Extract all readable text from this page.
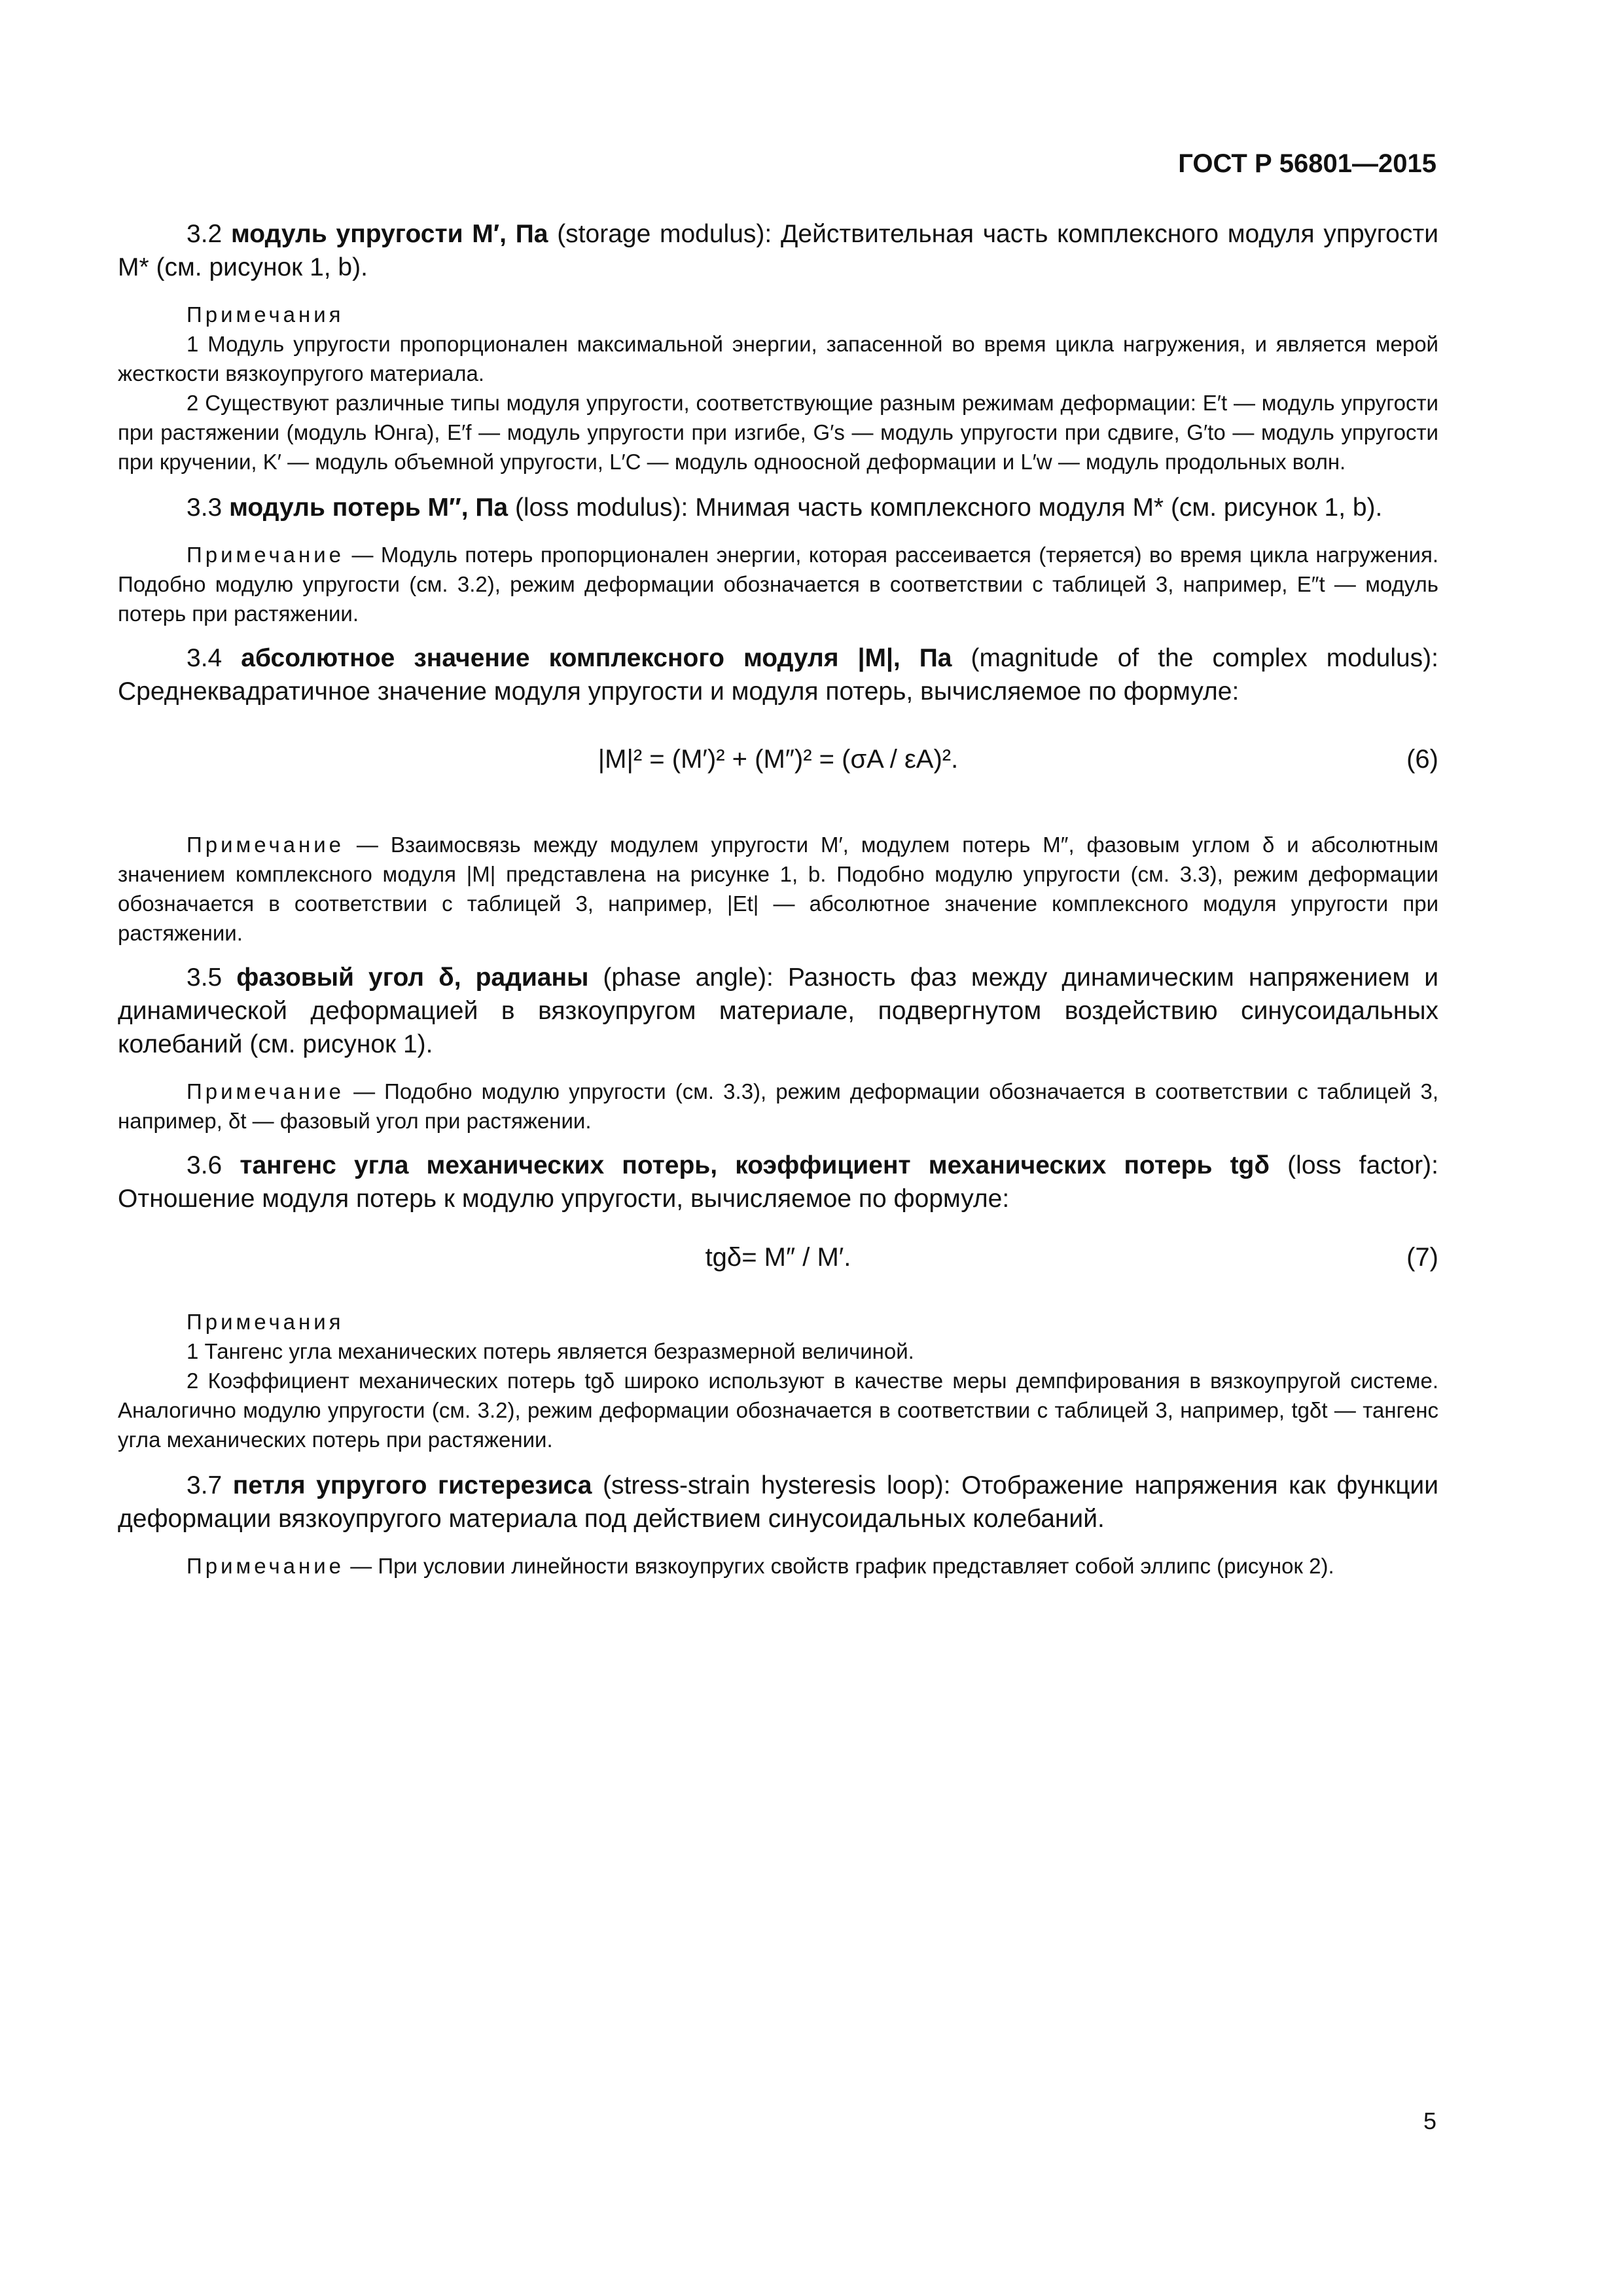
ГОСТ Р 56801—2015

3.2 модуль упругости M′, Па (storage modulus): Действительная часть комплексного модуля упругости M* (см. рисунок 1, b).

Примечания

1 Модуль упругости пропорционален максимальной энергии, запасенной во время цикла нагружения, и является мерой жесткости вязкоупругого материала.

2 Существуют различные типы модуля упругости, соответствующие разным режимам деформации: E′t — модуль упругости при растяжении (модуль Юнга), E′f — модуль упругости при изгибе, G′s — модуль упругости при сдвиге, G′to — модуль упругости при кручении, K′ — модуль объемной упругости, L′C — модуль одноосной деформации и L′w — модуль продольных волн.

3.3 модуль потерь M″, Па (loss modulus): Мнимая часть комплексного модуля M* (см. рисунок 1, b).

Примечание — Модуль потерь пропорционален энергии, которая рассеивается (теряется) во время цикла нагружения. Подобно модулю упругости (см. 3.2), режим деформации обозначается в соответствии с таблицей 3, например, E″t — модуль потерь при растяжении.

3.4 абсолютное значение комплексного модуля |M|, Па (magnitude of the complex modulus): Среднеквадратичное значение модуля упругости и модуля потерь, вычисляемое по формуле:

|M|² = (M′)² + (M″)² = (σA / εA)².	(6)

Примечание — Взаимосвязь между модулем упругости M′, модулем потерь M″, фазовым углом δ и абсолютным значением комплексного модуля |M| представлена на рисунке 1, b. Подобно модулю упругости (см. 3.3), режим деформации обозначается в соответствии с таблицей 3, например, |Et| — абсолютное значение комплексного модуля упругости при растяжении.

3.5 фазовый угол δ, радианы (phase angle): Разность фаз между динамическим напряжением и динамической деформацией в вязкоупругом материале, подвергнутом воздействию синусоидальных колебаний (см. рисунок 1).

Примечание — Подобно модулю упругости (см. 3.3), режим деформации обозначается в соответствии с таблицей 3, например, δt — фазовый угол при растяжении.

3.6 тангенс угла механических потерь, коэффициент механических потерь tgδ (loss factor): Отношение модуля потерь к модулю упругости, вычисляемое по формуле:

tgδ= M″ / M′.	(7)

Примечания

1 Тангенс угла механических потерь является безразмерной величиной.

2 Коэффициент механических потерь tgδ широко используют в качестве меры демпфирования в вязкоупругой системе. Аналогично модулю упругости (см. 3.2), режим деформации обозначается в соответствии с таблицей 3, например, tgδt — тангенс угла механических потерь при растяжении.

3.7 петля упругого гистерезиса (stress-strain hysteresis loop): Отображение напряжения как функции деформации вязкоупругого материала под действием синусоидальных колебаний.

Примечание — При условии линейности вязкоупругих свойств график представляет собой эллипс (рисунок 2).

5
